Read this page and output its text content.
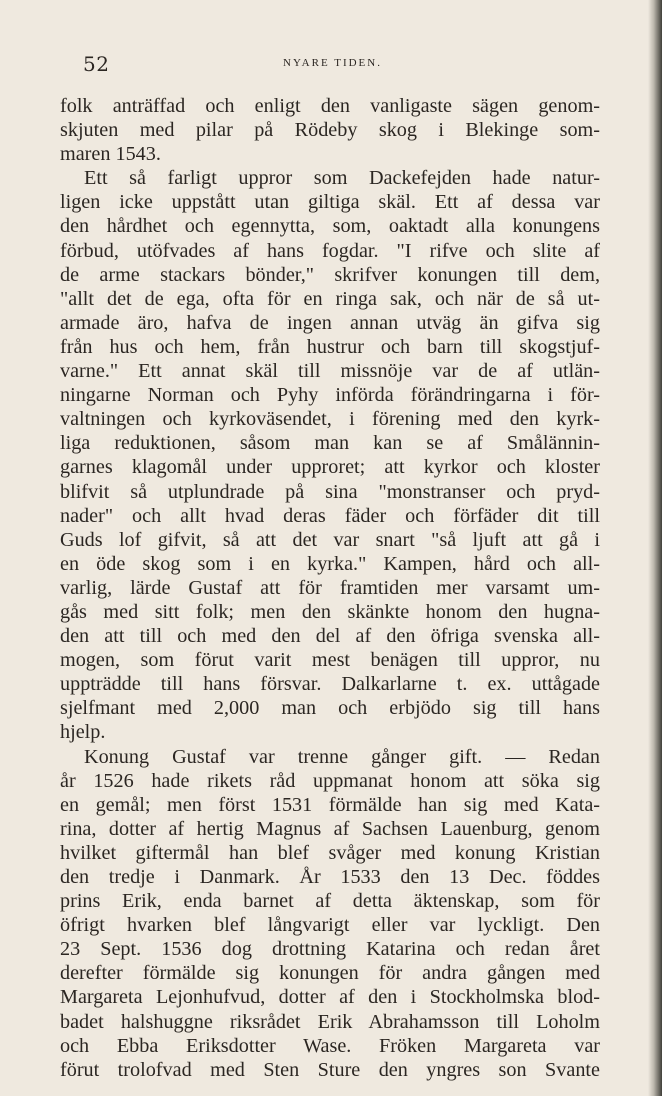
52	NYARE TIDEN.
folk anträffad och enligt den vanligaste sägen genom-
skjuten med pilar på Rödeby skog i Blekinge som-
maren 1543.
Ett så farligt uppror som Dackefejden hade natur-
ligen icke uppstått utan giltiga skäl. Ett af dessa var
den hårdhet och egennytta, som, oaktadt alla konungens
förbud, utöfvades af hans fogdar. "I rifve och slite af
de arme stackars bönder," skrifver konungen till dem,
"allt det de ega, ofta för en ringa sak, och när de så ut-
armade äro, hafva de ingen annan utväg än gifva sig
från hus och hem, från hustrur och barn till skogstjuf-
varne." Ett annat skäl till missnöje var de af utlän-
ningarne Norman och Pyhy införda förändringarna i för-
valtningen och kyrkoväsendet, i förening med den kyrk-
liga reduktionen, såsom man kan se af Smålännin-
garnes klagomål under upproret; att kyrkor och kloster
blifvit så utplundrade på sina "monstranser och pryd-
nader" och allt hvad deras fäder och förfäder dit till
Guds lof gifvit, så att det var snart "så ljuft att gå i
en öde skog som i en kyrka." Kampen, hård och all-
varlig, lärde Gustaf att för framtiden mer varsamt um-
gås med sitt folk; men den skänkte honom den hugna-
den att till och med den del af den öfriga svenska all-
mogen, som förut varit mest benägen till uppror, nu
uppträdde till hans försvar. Dalkarlarne t. ex. uttågade
sjelfmant med 2,000 man och erbjödo sig till hans
hjelp.
Konung Gustaf var trenne gånger gift. — Redan
år 1526 hade rikets råd uppmanat honom att söka sig
en gemål; men först 1531 förmälde han sig med Kata-
rina, dotter af hertig Magnus af Sachsen Lauenburg, genom
hvilket giftermål han blef svåger med konung Kristian
den tredje i Danmark. År 1533 den 13 Dec. föddes
prins Erik, enda barnet af detta äktenskap, som för
öfrigt hvarken blef långvarigt eller var lyckligt. Den
23 Sept. 1536 dog drottning Katarina och redan året
derefter förmälde sig konungen för andra gången med
Margareta Lejonhufvud, dotter af den i Stockholmska blod-
badet halshuggne riksrådet Erik Abrahamsson till Loholm
och Ebba Eriksdotter Wase. Fröken Margareta var
förut trolofvad med Sten Sture den yngres son Svante
